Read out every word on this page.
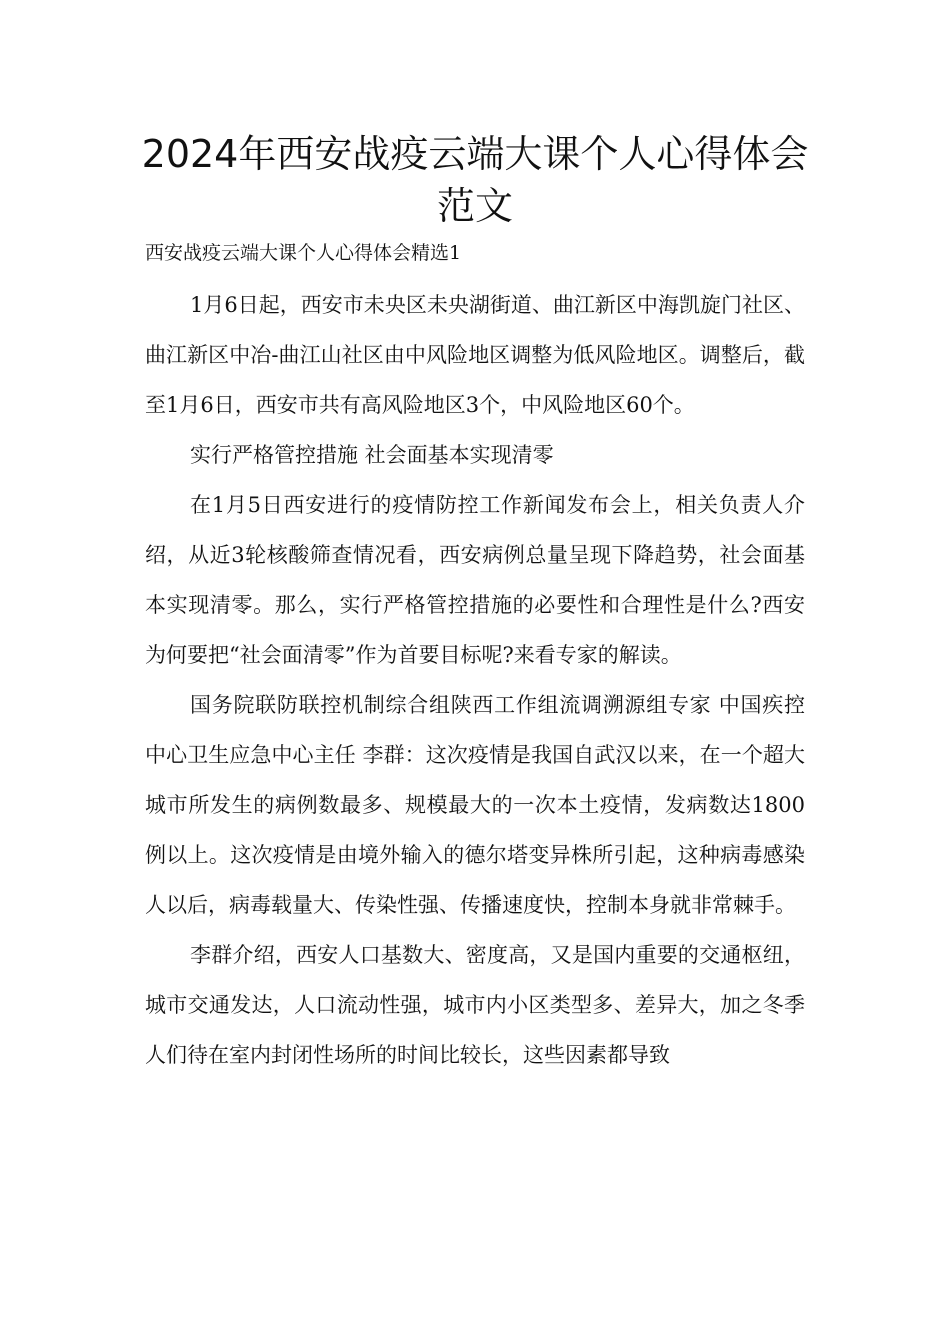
2024年西安战疫云端大课个人心得体会范文

西安战疫云端大课个人心得体会精选1

1月6日起，西安市未央区未央湖街道、曲江新区中海凯旋门社区、曲江新区中冶-曲江山社区由中风险地区调整为低风险地区。调整后，截至1月6日，西安市共有高风险地区3个，中风险地区60个。

实行严格管控措施 社会面基本实现清零

在1月5日西安进行的疫情防控工作新闻发布会上，相关负责人介绍，从近3轮核酸筛查情况看，西安病例总量呈现下降趋势，社会面基本实现清零。那么，实行严格管控措施的必要性和合理性是什么?西安为何要把“社会面清零”作为首要目标呢?来看专家的解读。

国务院联防联控机制综合组陕西工作组流调溯源组专家 中国疾控中心卫生应急中心主任 李群：这次疫情是我国自武汉以来，在一个超大城市所发生的病例数最多、规模最大的一次本土疫情，发病数达1800例以上。这次疫情是由境外输入的德尔塔变异株所引起，这种病毒感染人以后，病毒载量大、传染性强、传播速度快，控制本身就非常棘手。

李群介绍，西安人口基数大、密度高，又是国内重要的交通枢纽，城市交通发达，人口流动性强，城市内小区类型多、差异大，加之冬季人们待在室内封闭性场所的时间比较长，这些因素都导致
